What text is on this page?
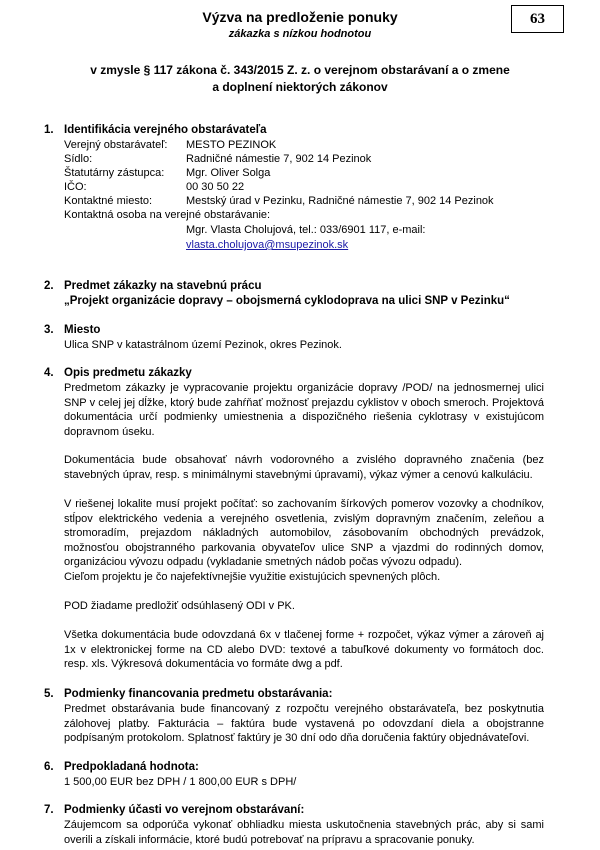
63
Výzva na predloženie ponuky
zákazka s nízkou hodnotou
v zmysle § 117 zákona č. 343/2015 Z. z. o verejnom obstarávaní a o zmene
a doplnení niektorých zákonov
1. Identifikácia verejného obstarávateľa
Verejný obstarávateľ: MESTO PEZINOK
Sídlo:	Radničné námestie 7, 902 14 Pezinok
Štatutárny zástupca: Mgr. Oliver Solga
IČO:	00 30 50 22
Kontaktné miesto:	Mestský úrad v Pezinku, Radničné námestie 7, 902 14 Pezinok
Kontaktná osoba na verejné obstarávanie:
Mgr. Vlasta Cholujová, tel.: 033/6901 117, e-mail:
vlasta.cholujova@msupezinok.sk
2. Predmet zákazky na stavebnú prácu
„Projekt organizácie dopravy – obojsmerná cyklodoprava na ulici SNP v Pezinku“
3. Miesto
Ulica SNP v katastrálnom území Pezinok, okres Pezinok.
4. Opis predmetu zákazky

Predmetom zákazky je vypracovanie projektu organizácie dopravy /POD/ na jednosmernej ulici SNP v celej jej dĺžke, ktorý bude zahŕňať možnosť prejazdu cyklistov v oboch smeroch. Projektová dokumentácia určí podmienky umiestnenia a dispozičného riešenia cyklotrasy v existujúcom dopravnom úseku.

Dokumentácia bude obsahovať návrh vodorovného a zvislého dopravného značenia (bez stavebných úprav, resp. s minimálnymi stavebnými úpravami), výkaz výmer a cenovú kalkuláciu.

V riešenej lokalite musí projekt počítať: so zachovaním šírkových pomerov vozovky a chodníkov, stĺpov elektrického vedenia a verejného osvetlenia, zvislým dopravným značením, zeleňou a stromoradím, prejazdom nákladných automobilov, zásobovaním obchodných prevádzok, možnosťou obojstranného parkovania obyvateľov ulice SNP a vjazdmi do rodinných domov, organizáciou vývozu odpadu (vykladanie smetných nádob počas vývozu odpadu).

Cieľom projektu je čo najefektívnejšie využitie existujúcich spevnených plôch.

POD žiadame predložiť odsúhlasený ODI v PK.

Všetka dokumentácia bude odovzdaná 6x v tlačenej forme + rozpočet, výkaz výmer a zároveň aj 1x v elektronickej forme na CD alebo DVD: textové a tabuľkové dokumenty vo formátoch doc. resp. xls. Výkresová dokumentácia vo formáte dwg a pdf.

5. Podmienky financovania predmetu obstarávania:

Predmet obstarávania bude financovaný z rozpočtu verejného obstarávateľa, bez poskytnutia zálohovej platby. Fakturácia – faktúra bude vystavená po odovzdaní diela a obojstranne podpísaným protokolom. Splatnosť faktúry je 30 dní odo dňa doručenia faktúry objednávateľovi.

6. Predpokladaná hodnota:
1 500,00 EUR bez DPH / 1 800,00 EUR s DPH/
7. Podmienky účasti vo verejnom obstarávaní:

Záujemcom sa odporúča vykonať obhliadku miesta uskutočnenia stavebných prác, aby si sami overili a získali informácie, ktoré budú potrebovať na prípravu a spracovanie ponuky.
